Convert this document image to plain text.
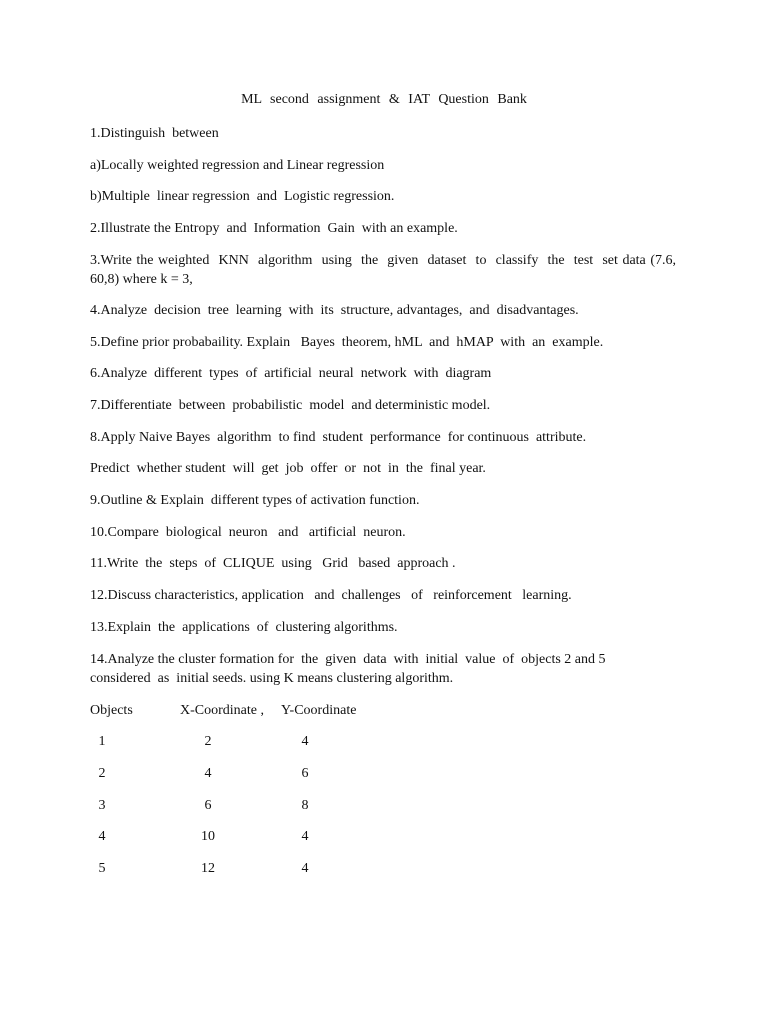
ML second assignment & IAT Question Bank
1.Distinguish  between
a)Locally weighted regression and Linear regression
b)Multiple  linear regression  and  Logistic regression.
2.Illustrate the Entropy  and  Information  Gain  with an example.
3.Write the weighted  KNN  algorithm  using  the  given  dataset  to  classify  the  test  set data (7.6, 60,8) where k = 3,
4.Analyze  decision  tree  learning  with  its  structure, advantages,  and  disadvantages.
5.Define prior probabaility. Explain   Bayes  theorem, hML  and  hMAP  with  an  example.
6.Analyze  different  types  of  artificial  neural  network  with  diagram
7.Differentiate  between  probabilistic  model  and deterministic model.
8.Apply Naive Bayes  algorithm  to find  student  performance  for continuous  attribute.
Predict  whether student  will  get  job  offer  or  not  in  the  final year.
9.Outline & Explain  different types of activation function.
10.Compare  biological  neuron   and   artificial  neuron.
11.Write  the  steps  of  CLIQUE  using   Grid   based  approach .
12.Discuss characteristics, application   and  challenges   of   reinforcement   learning.
13.Explain  the  applications  of  clustering algorithms.
14.Analyze the cluster formation for  the  given  data  with  initial  value  of  objects 2 and 5 considered  as  initial seeds. using K means clustering algorithm.
Objects	X-Coordinate , Y-Coordinate
1	2	4
2	4	6
3	6	8
4	10	4
5	12	4
